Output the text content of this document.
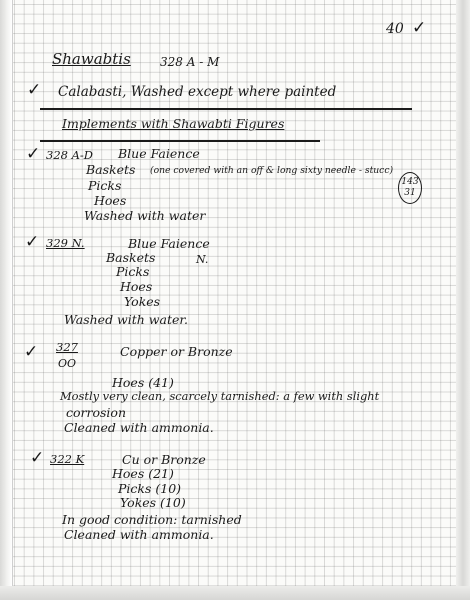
40 ✓
Shawabtis 328 A - M
✓ Calabasti, Washed except where painted
Implements with Shawabti Figures
✓ 328 A-D Blue Faience
Baskets (one covered with an off & long sixty needle - stucc)
Picks
Hoes
Washed with water
143
31
✓ 329 N.	Blue Faience
Baskets	N.
Picks
Hoes
Yokes
Washed with water.
✓ 327
OO
Copper or Bronze
Hoes (41)
Mostly very clean, scarcely tarnished: a few with slight
corrosion
Cleaned with ammonia.
✓ 322 K	Cu or Bronze
Hoes (21)
Picks (10)
Yokes (10)
In good condition: tarnished
Cleaned with ammonia.
